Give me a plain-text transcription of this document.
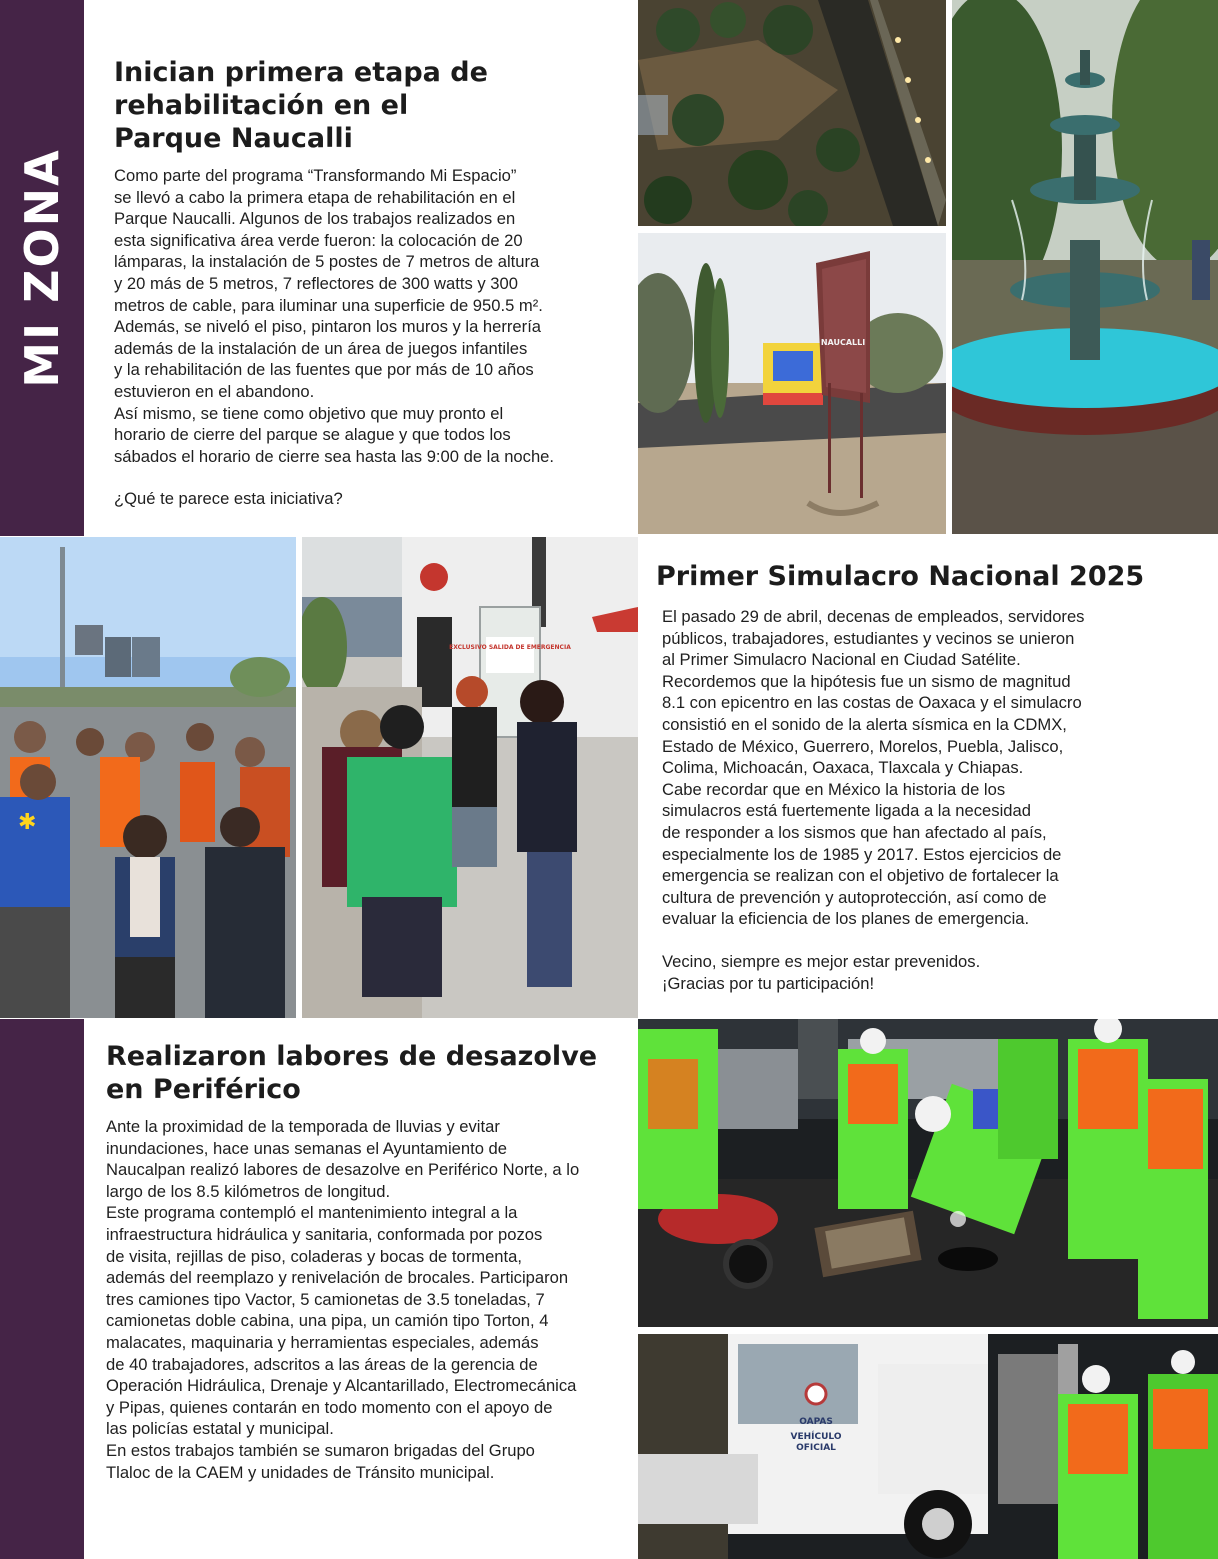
MI ZONA
Inician primera etapa de
rehabilitación en el
Parque Naucalli

Como parte del programa “Transformando Mi Espacio”
se llevó a cabo la primera etapa de rehabilitación en el
Parque Naucalli. Algunos de los trabajos realizados en
esta significativa área verde fueron: la colocación de 20
lámparas, la instalación de 5 postes de 7 metros de altura
y 20 más de 5 metros, 7 reflectores de 300 watts y 300
metros de cable, para iluminar una superficie de 950.5 m².
Además, se niveló el piso, pintaron los muros y la herrería
además de la instalación de un área de juegos infantiles
y la rehabilitación de las fuentes que por más de 10 años
estuvieron en el abandono.
Así mismo, se tiene como objetivo que muy pronto el
horario de cierre del parque se alague y que todos los
sábados el horario de cierre sea hasta las 9:00 de la noche.

¿Qué te parece esta iniciativa?

NAUCALLI
✱
EXCLUSIVO SALIDA DE EMERGENCIA
Primer Simulacro Nacional 2025

El pasado 29 de abril, decenas de empleados, servidores
públicos, trabajadores, estudiantes y vecinos se unieron
al Primer Simulacro Nacional en Ciudad Satélite.
Recordemos que la hipótesis fue un sismo de magnitud
8.1 con epicentro en las costas de Oaxaca y el simulacro
consistió en el sonido de la alerta sísmica en la CDMX,
Estado de México, Guerrero, Morelos, Puebla, Jalisco,
Colima, Michoacán, Oaxaca, Tlaxcala y Chiapas.
Cabe recordar que en México la historia de los
simulacros está fuertemente ligada a la necesidad
de responder a los sismos que han afectado al país,
especialmente los de 1985 y 2017. Estos ejercicios de
emergencia se realizan con el objetivo de fortalecer la
cultura de prevención y autoprotección, así como de
evaluar la eficiencia de los planes de emergencia.

Vecino, siempre es mejor estar prevenidos.
¡Gracias por tu participación!

Realizaron labores de desazolve
en Periférico

Ante la proximidad de la temporada de lluvias y evitar
inundaciones, hace unas semanas el Ayuntamiento de
Naucalpan realizó labores de desazolve en Periférico Norte, a lo
largo de los 8.5 kilómetros de longitud.
Este programa contempló el mantenimiento integral a la
infraestructura hidráulica y sanitaria, conformada por pozos
de visita, rejillas de piso, coladeras y bocas de tormenta,
además del reemplazo y renivelación de brocales. Participaron
tres camiones tipo Vactor, 5 camionetas de 3.5 toneladas, 7
camionetas doble cabina, una pipa, un camión tipo Torton, 4
malacates, maquinaria y herramientas especiales, además
de 40 trabajadores, adscritos a las áreas de la gerencia de
Operación Hidráulica, Drenaje y Alcantarillado, Electromecánica
y Pipas, quienes contarán en todo momento con el apoyo de
las policías estatal y municipal.
En estos trabajos también se sumaron brigadas del Grupo
Tlaloc de la CAEM y unidades de Tránsito municipal.

OAPAS
VEHÍCULO
OFICIAL
